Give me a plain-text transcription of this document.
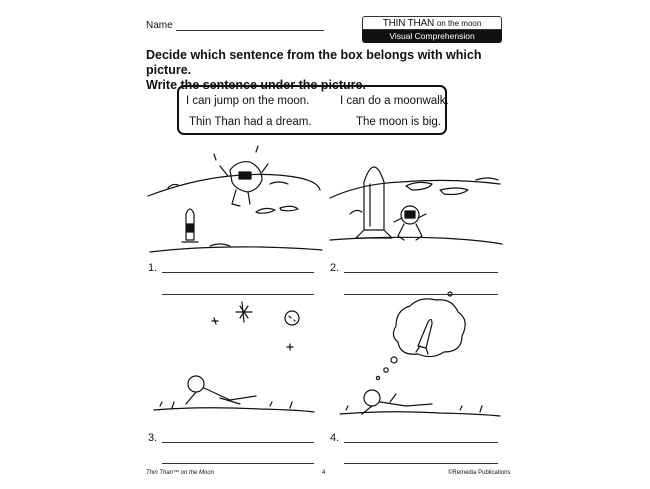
Name	THIN THAN on the moon
Visual Comprehension
Decide which sentence from the box belongs with which picture.
Write the sentence under the picture.
I can jump on the moon.	I can do a moonwalk.
Thin Than had a dream.	The moon is big.
1.	2.
3.	4.
Thin Than™ on the Moon	4	©Remedia Publications
